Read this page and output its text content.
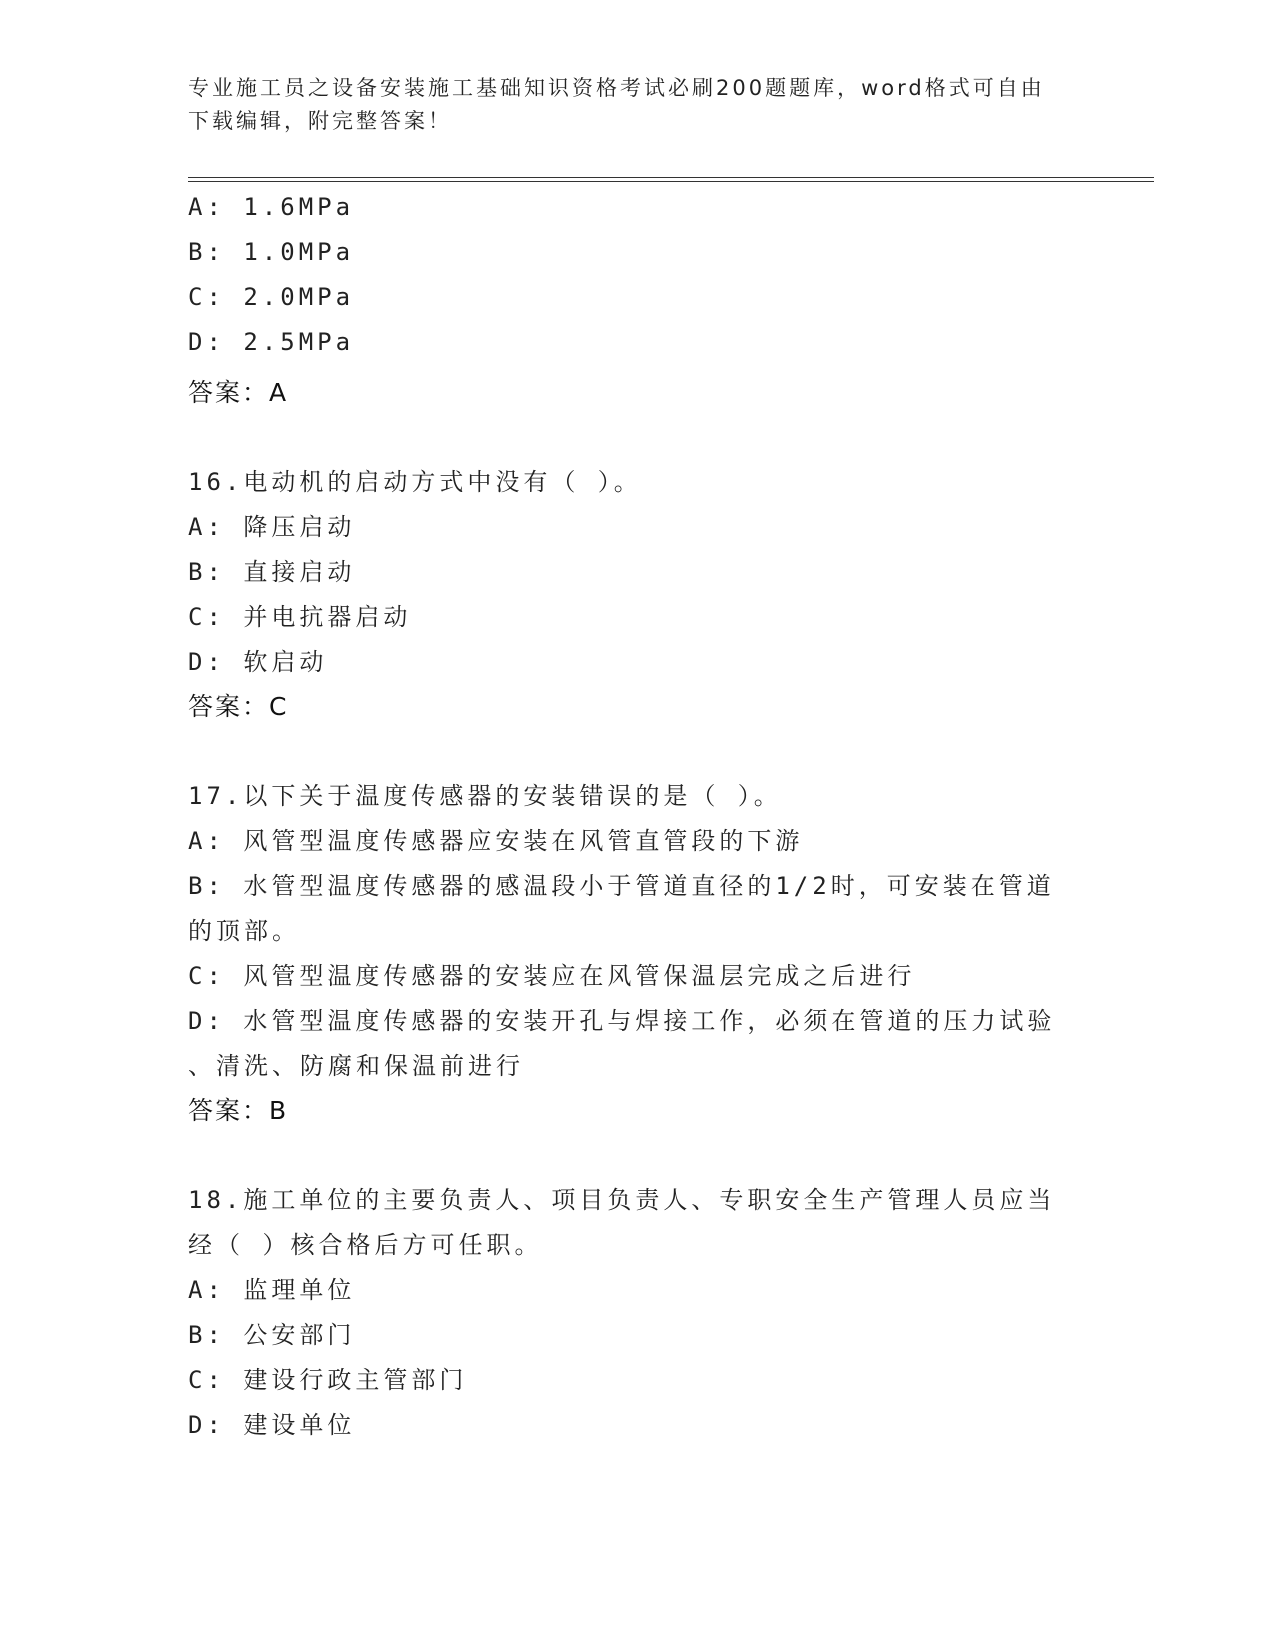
专业施工员之设备安装施工基础知识资格考试必刷200题题库，word格式可自由下载编辑，附完整答案！
A: 1.6MPa
B: 1.0MPa
C: 2.0MPa
D: 2.5MPa
答案：A
16.电动机的启动方式中没有（ ）。
A: 降压启动
B: 直接启动
C: 并电抗器启动
D: 软启动
答案：C
17.以下关于温度传感器的安装错误的是（ ）。
A: 风管型温度传感器应安装在风管直管段的下游
B: 水管型温度传感器的感温段小于管道直径的1/2时，可安装在管道
的顶部。
C: 风管型温度传感器的安装应在风管保温层完成之后进行
D: 水管型温度传感器的安装开孔与焊接工作，必须在管道的压力试验
、清洗、防腐和保温前进行
答案：B
18.施工单位的主要负责人、项目负责人、专职安全生产管理人员应当
经（ ）核合格后方可任职。
A: 监理单位
B: 公安部门
C: 建设行政主管部门
D: 建设单位
